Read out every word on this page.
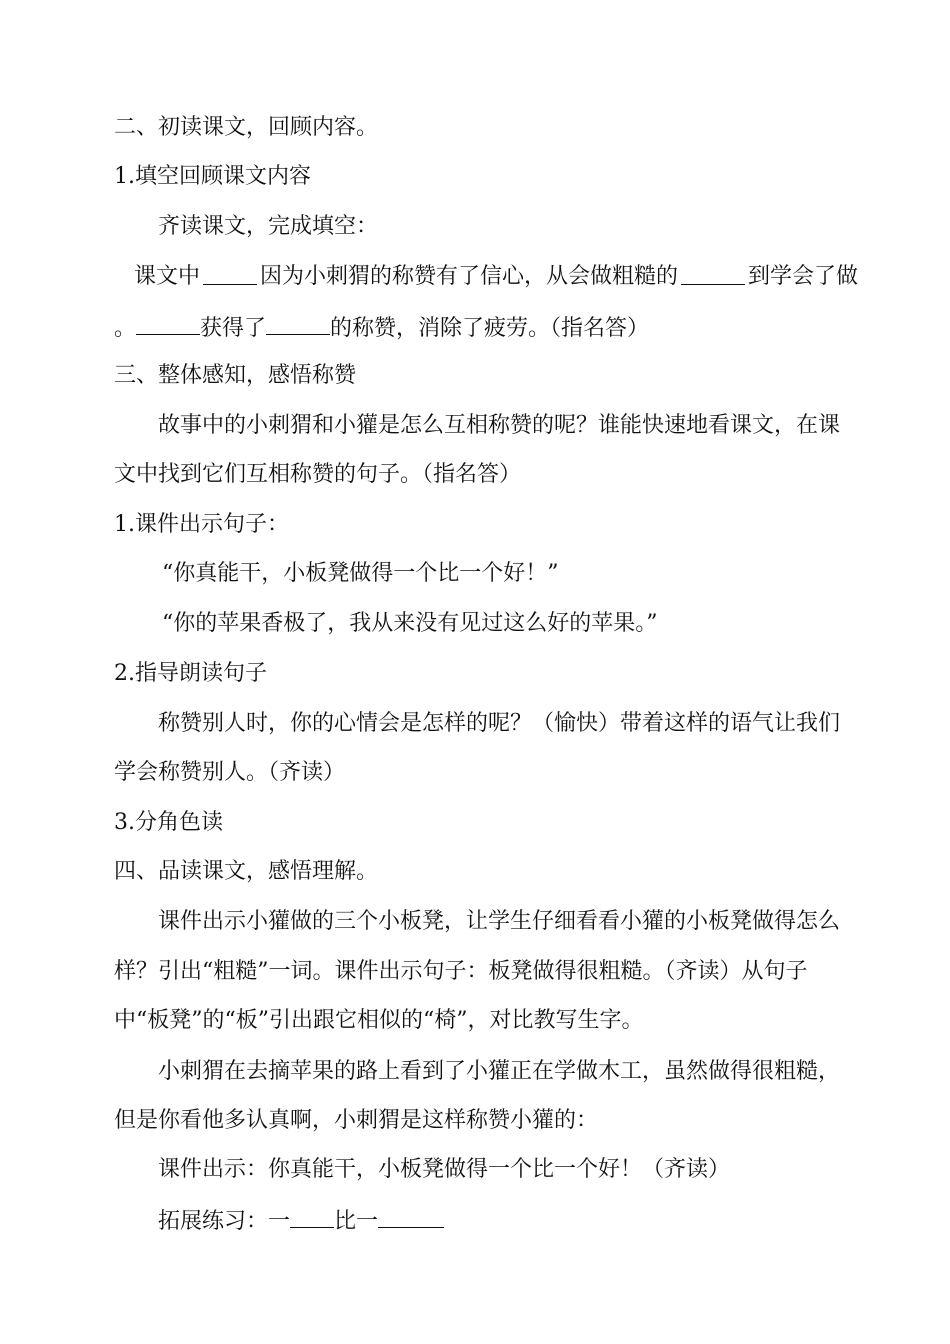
二、初读课文，回顾内容。
1.填空回顾课文内容
齐读课文，完成填空：
课文中	因为小刺猬的称赞有了信心，从会做粗糙的	到学会了做
。	获得了	的称赞，消除了疲劳。（指名答）
三、整体感知，感悟称赞
故事中的小刺猬和小獾是怎么互相称赞的呢？谁能快速地看课文，在课
文中找到它们互相称赞的句子。（指名答）
1.课件出示句子：
“你真能干，小板凳做得一个比一个好！”
“你的苹果香极了，我从来没有见过这么好的苹果。”
2.指导朗读句子
称赞别人时，你的心情会是怎样的呢？（愉快）带着这样的语气让我们
学会称赞别人。（齐读）
3.分角色读
四、品读课文，感悟理解。
课件出示小獾做的三个小板凳，让学生仔细看看小獾的小板凳做得怎么
样？引出“粗糙”一词。课件出示句子：板凳做得很粗糙。（齐读）从句子
中“板凳”的“板”引出跟它相似的“椅”，对比教写生字。
小刺猬在去摘苹果的路上看到了小獾正在学做木工，虽然做得很粗糙，
但是你看他多认真啊，小刺猬是这样称赞小獾的：
课件出示：你真能干，小板凳做得一个比一个好！（齐读）
拓展练习：一 比一
